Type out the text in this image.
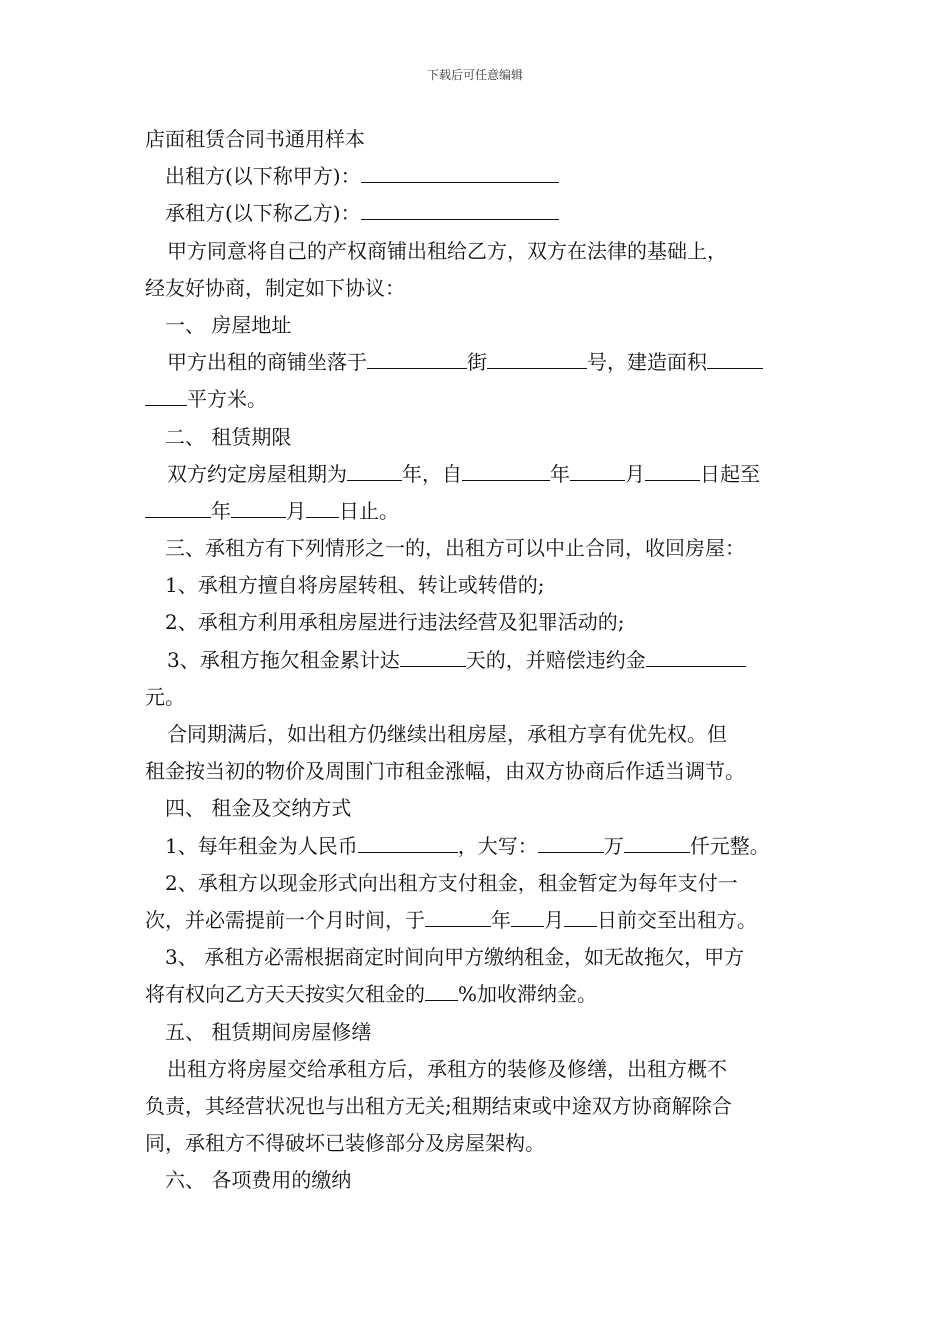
下载后可任意编辑
店面租赁合同书通用样本
出租方(以下称甲方)：
承租方(以下称乙方)：
甲方同意将自己的产权商铺出租给乙方，双方在法律的基础上，
经友好协商，制定如下协议：
一、 房屋地址
甲方出租的商铺坐落于	街	号，建造面积
平方米。
二、 租赁期限
双方约定房屋租期为	年，自	年	月	日起至
年	月 日止。
三、承租方有下列情形之一的，出租方可以中止合同，收回房屋：
1、承租方擅自将房屋转租、转让或转借的;
2、承租方利用承租房屋进行违法经营及犯罪活动的;
3、承租方拖欠租金累计达	天的，并赔偿违约金
元。
合同期满后，如出租方仍继续出租房屋，承租方享有优先权。但
租金按当初的物价及周围门市租金涨幅，由双方协商后作适当调节。
四、 租金及交纳方式
1、每年租金为人民币	，大写：	万	仟元整。
2、承租方以现金形式向出租方支付租金，租金暂定为每年支付一
次，并必需提前一个月时间，于	年 月 日前交至出租方。
3、 承租方必需根据商定时间向甲方缴纳租金，如无故拖欠，甲方
将有权向乙方天天按实欠租金的 %加收滞纳金。
五、 租赁期间房屋修缮
出租方将房屋交给承租方后，承租方的装修及修缮，出租方概不
负责，其经营状况也与出租方无关;租期结束或中途双方协商解除合
同，承租方不得破坏已装修部分及房屋架构。
六、 各项费用的缴纳
